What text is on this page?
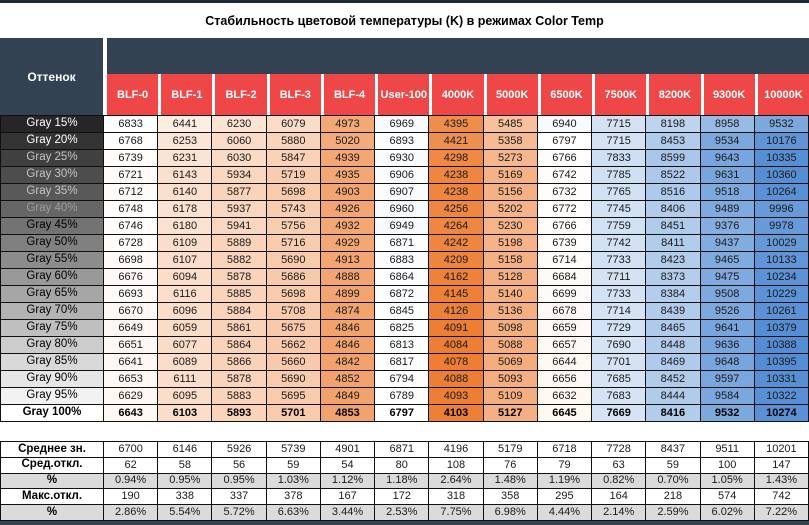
Стабильность цветовой температуры (K) в режимах Color Temp
Оттенок
BLF-0	BLF-1	BLF-2	BLF-3	BLF-4	User-100	4000K	5000K	6500K	7500K	8200K	9300K	10000K
Gray 15%	6833	6441	6230	6079	4973	6969	4395	5485	6940	7715	8198	8958	9532
Gray 20%	6768	6253	6060	5880	5020	6893	4421	5358	6797	7715	8453	9534	10176
Gray 25%	6739	6231	6030	5847	4939	6930	4298	5273	6766	7833	8599	9643	10335
Gray 30%	6721	6143	5934	5719	4935	6906	4238	5169	6742	7785	8522	9631	10360
Gray 35%	6712	6140	5877	5698	4903	6907	4238	5156	6732	7765	8516	9518	10264
Gray 40%	6748	6178	5937	5743	4926	6960	4256	5202	6772	7745	8406	9489	9996
Gray 45%	6746	6180	5941	5756	4932	6949	4264	5230	6766	7759	8451	9376	9978
Gray 50%	6728	6109	5889	5716	4929	6871	4242	5198	6739	7742	8411	9437	10029
Gray 55%	6698	6107	5882	5690	4913	6883	4209	5158	6714	7733	8423	9465	10133
Gray 60%	6676	6094	5878	5686	4888	6864	4162	5128	6684	7711	8373	9475	10234
Gray 65%	6693	6116	5885	5698	4899	6872	4145	5140	6699	7733	8384	9508	10229
Gray 70%	6670	6096	5884	5708	4874	6845	4126	5136	6678	7714	8439	9526	10261
Gray 75%	6649	6059	5861	5675	4846	6825	4091	5098	6659	7729	8465	9641	10379
Gray 80%	6651	6077	5864	5662	4846	6813	4084	5088	6657	7690	8448	9636	10388
Gray 85%	6641	6089	5866	5660	4842	6817	4078	5069	6644	7701	8469	9648	10395
Gray 90%	6653	6111	5878	5690	4852	6794	4088	5093	6656	7685	8452	9597	10331
Gray 95%	6629	6095	5883	5695	4849	6789	4093	5109	6632	7683	8444	9584	10322
Gray 100%	6643	6103	5893	5701	4853	6797	4103	5127	6645	7669	8416	9532	10274
Среднее зн.	6700	6146	5926	5739	4901	6871	4196	5179	6718	7728	8437	9511	10201
Сред.откл.	62	58	56	59	54	80	108	76	79	63	59	100	147
%	0.94%	0.95%	0.95%	1.03%	1.12%	1.18%	2.64%	1.48%	1.19%	0.82%	0.70%	1.05%	1.43%
Макс.откл.	190	338	337	378	167	172	318	358	295	164	218	574	742
%	2.86%	5.54%	5.72%	6.63%	3.44%	2.53%	7.75%	6.98%	4.44%	2.14%	2.59%	6.02%	7.22%
